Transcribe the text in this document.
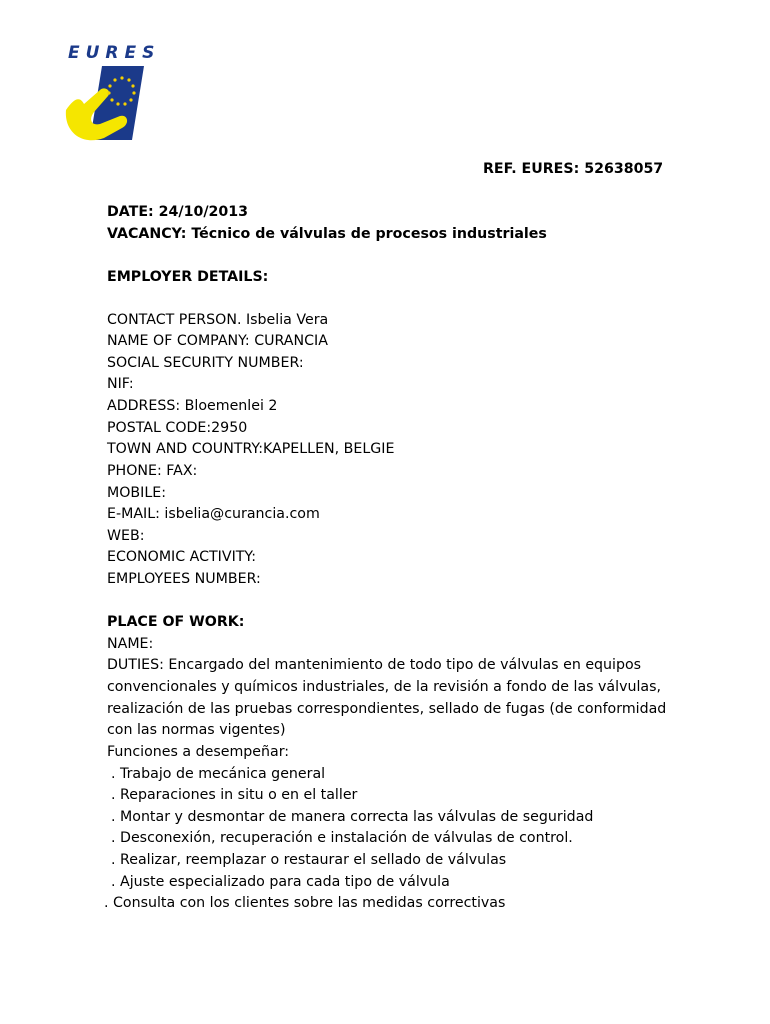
EURES

REF. EURES: 52638057

DATE: 24/10/2013

VACANCY: Técnico de válvulas de procesos industriales

EMPLOYER DETAILS:

CONTACT PERSON. Isbelia Vera

NAME OF COMPANY: CURANCIA

SOCIAL SECURITY NUMBER:

NIF:

ADDRESS: Bloemenlei 2

POSTAL CODE:2950

TOWN AND COUNTRY:KAPELLEN, BELGIE

PHONE: FAX:

MOBILE:

E-MAIL: isbelia@curancia.com

WEB:

ECONOMIC ACTIVITY:

EMPLOYEES NUMBER:

PLACE OF WORK:

NAME:

DUTIES: Encargado del mantenimiento de todo tipo de válvulas en equipos

convencionales y químicos industriales, de la revisión a fondo de las válvulas,

realización de las pruebas correspondientes, sellado de fugas (de conformidad

con las normas vigentes)

Funciones a desempeñar:

. Trabajo de mecánica general

. Reparaciones in situ o en el taller

. Montar y desmontar de manera correcta las válvulas de seguridad

. Desconexión, recuperación e instalación de válvulas de control.

. Realizar, reemplazar o restaurar el sellado de válvulas

. Ajuste especializado para cada tipo de válvula

. Consulta con los clientes sobre las medidas correctivas
